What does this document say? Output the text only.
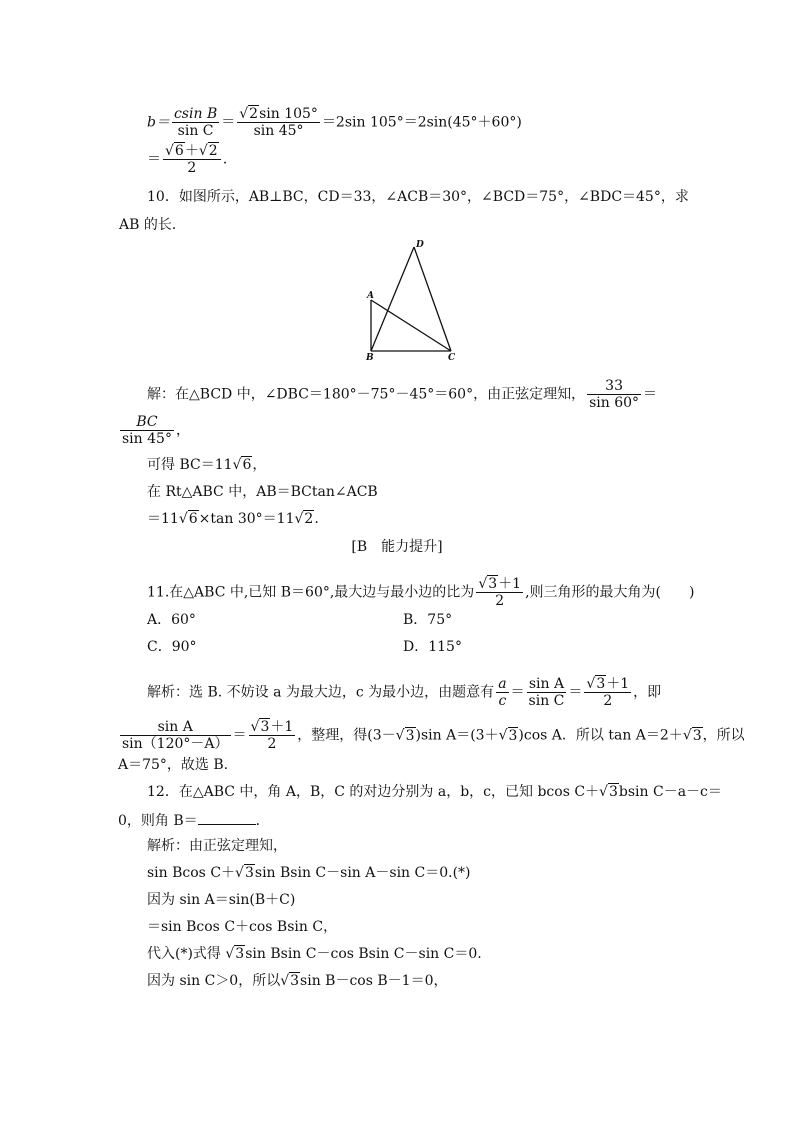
$b= \frac{\text{csin B}}{\text{sin C}} = \frac{√2\sin 105^\circ}{\sin 45^\circ} =2\sin$ 105°＝2sin(45°＋60°)
＝ $\frac{√6+√2}{2}$ .
10．如图所示，AB⊥BC，CD＝33，∠ACB＝30°，∠BCD＝75°，∠BDC＝45°，求
AB 的长．
D
A
B	C
解：在△BCD 中，∠DBC＝180°－75°－45°＝60°，由正弦定理知， $\frac{33}{\sin 60^\circ}$ ＝
$\frac{BC}{\sin 45^\circ}$ ，
可得 BC＝11√6，
在 Rt△ABC 中，AB＝BCtan∠ACB
＝11√6×tan 30°＝11√2.
[B　能力提升]
11.在△ABC 中,已知 B＝60°,最大边与最小边的比为 $\frac{√3+1}{2}$ ,则三角形的最大角为(　　)
A．60°	B．75°
C．90°	D．115°
解析：选 B. 不妨设 a 为最大边，c 为最小边，由题意有 $\frac{a}{c} = \frac{\text{sin A}}{\text{sin C}} = \frac{√3+1}{2}$ ，即
$\frac{\text{sin A}}{\sin(120^\circ-A)} = \frac{√3+1}{2}$ ，整理，得(3－√3)sin A＝(3＋√3)cos A．所以 tan A＝2＋√3，所以
A＝75°，故选 B.
12．在△ABC 中，角 A，B，C 的对边分别为 a，b，c，已知 bcos C＋√3bsin C－a－c＝
0，则角 B＝	．
解析：由正弦定理知，
sin Bcos C＋√3sin Bsin C－sin A－sin C＝0.(*)
因为 sin A＝sin(B＋C)
＝sin Bcos C＋cos Bsin C，
代入(*)式得 √3sin Bsin C－cos Bsin C－sin C＝0.
因为 sin C＞0，所以√3sin B－cos B－1＝0，
